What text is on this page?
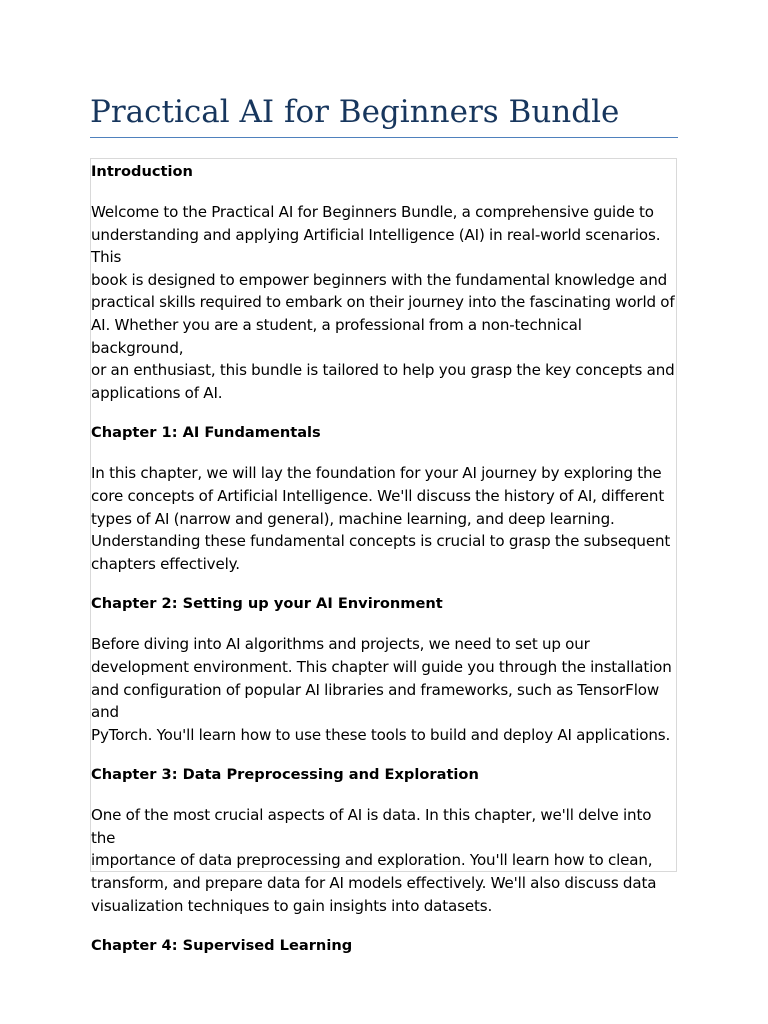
Practical AI for Beginners Bundle

Introduction

Welcome to the Practical AI for Beginners Bundle, a comprehensive guide to
understanding and applying Artificial Intelligence (AI) in real-world scenarios. This
book is designed to empower beginners with the fundamental knowledge and
practical skills required to embark on their journey into the fascinating world of
AI. Whether you are a student, a professional from a non-technical background,
or an enthusiast, this bundle is tailored to help you grasp the key concepts and
applications of AI.

Chapter 1: AI Fundamentals

In this chapter, we will lay the foundation for your AI journey by exploring the
core concepts of Artificial Intelligence. We'll discuss the history of AI, different
types of AI (narrow and general), machine learning, and deep learning.
Understanding these fundamental concepts is crucial to grasp the subsequent
chapters effectively.

Chapter 2: Setting up your AI Environment

Before diving into AI algorithms and projects, we need to set up our
development environment. This chapter will guide you through the installation
and configuration of popular AI libraries and frameworks, such as TensorFlow and
PyTorch. You'll learn how to use these tools to build and deploy AI applications.

Chapter 3: Data Preprocessing and Exploration

One of the most crucial aspects of AI is data. In this chapter, we'll delve into the
importance of data preprocessing and exploration. You'll learn how to clean,
transform, and prepare data for AI models effectively. We'll also discuss data
visualization techniques to gain insights into datasets.

Chapter 4: Supervised Learning
